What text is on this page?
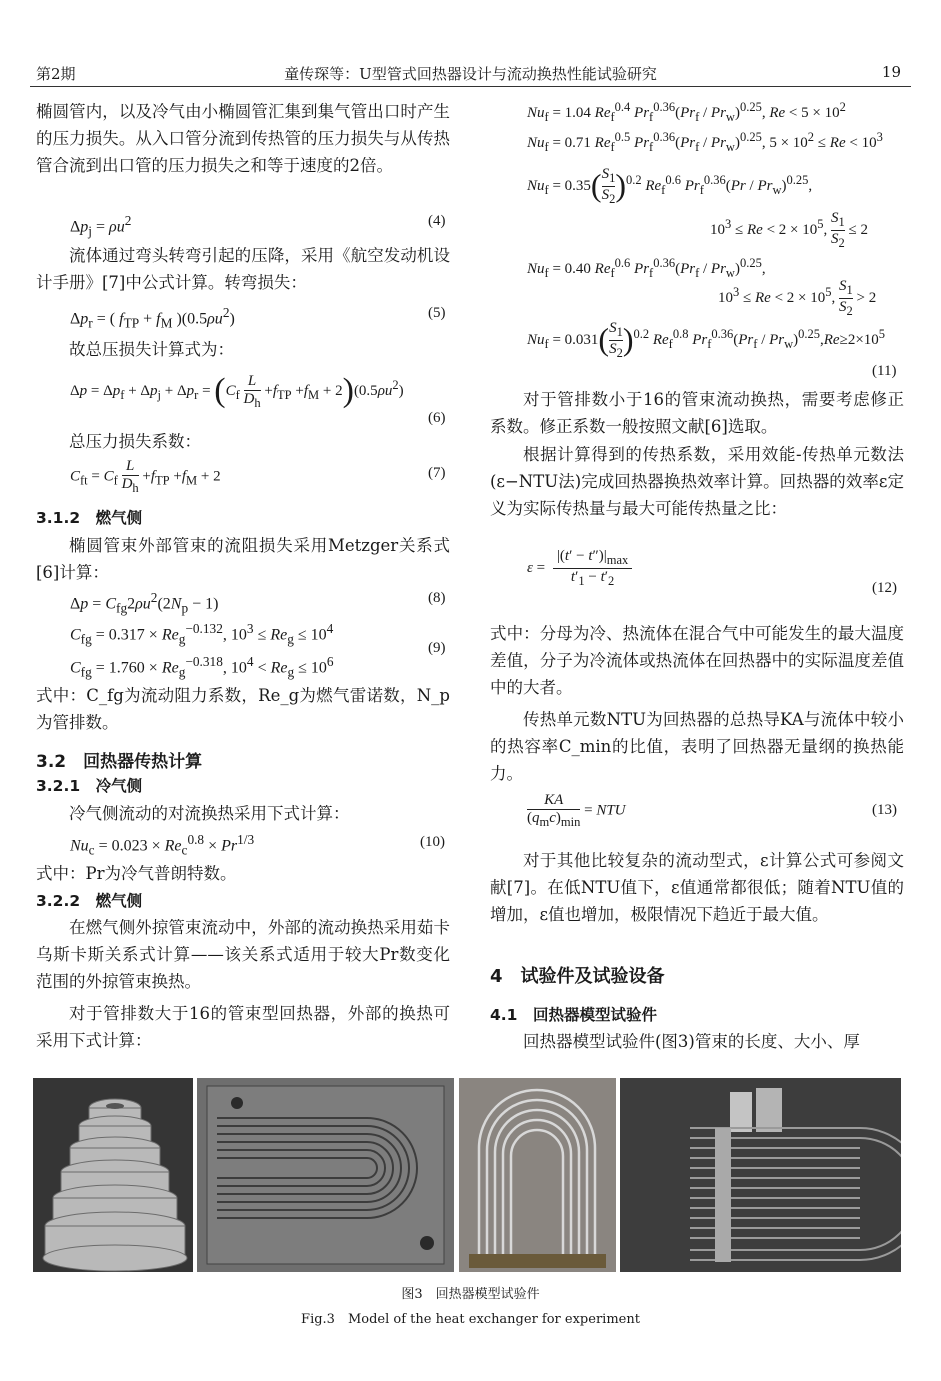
第2期	童传琛等：U型管式回热器设计与流动换热性能试验研究	19

椭圆管内，以及冷气由小椭圆管汇集到集气管出口时产生的压力损失。从入口管分流到传热管的压力损失与从传热管合流到出口管的压力损失之和等于速度的2倍。

$\Delta p_j = \rho u^2$	(4)

流体通过弯头转弯引起的压降，采用《航空发动机设计手册》[7]中公式计算。转弯损失：

$\Delta p_r$ = ( $f_{TP} + f_M$ )$(0.5\rho u^2)$	(5)

故总压损失计算式为：

$\Delta p = \Delta p_f + \Delta p_j + \Delta p_r = (C_f \frac{L}{D_h} +f_{TP} +f_M + 2)(0.5\rho u^2)$
(6)

总压力损失系数：

$C_{ft} = C_f \frac{L}{D_h} +f_{TP} +f_M + 2$	(7)
3.1.2　燃气侧

椭圆管束外部管束的流阻损失采用Metzger关系式[6]计算：

$\Delta p = C_{fg}2\rho u^2(2N_p - 1)$	(8)
$C_{fg} = 0.317 \times Re_g^{-0.132}$, $10^3 \le Re_g \le 10^4$
$C_{fg} = 1.760 \times Re_g^{-0.318}$, $10^4 < Re_g \le 10^6$
(9)

式中：C_fg为流动阻力系数，Re_g为燃气雷诺数，N_p为管排数。

3.2　回热器传热计算
3.2.1　冷气侧

冷气侧流动的对流换热采用下式计算：

$Nu_c = 0.023 \times Re_c^{0.8} \times Pr^{1/3}$	(10)

式中：Pr为冷气普朗特数。

3.2.2　燃气侧

在燃气侧外掠管束流动中，外部的流动换热采用茹卡乌斯卡斯关系式计算——该关系式适用于较大Pr数变化范围的外掠管束换热。

对于管排数大于16的管束型回热器，外部的换热可采用下式计算：

$Nu_f = 1.04$ $Re_f^{0.4}$ $Pr_f^{0.36}(Pr_f / Pr_w)^{0.25}$, $Re < 5 \times 10^2$
$Nu_f = 0.71$ $Re_f^{0.5}$ $Pr_f^{0.36}(Pr_f / Pr_w)^{0.25}$, $5 \times 10^2 \le Re < 10^3$
$Nu_f = 0.35( \frac{S_1}{S_2} )^{0.2}$ $Re_f^{0.6}$ $Pr_f^{0.36}(Pr / Pr_w)^{0.25}$,
$10^3 \le Re < 2 \times 10^5$, $\frac{S_1}{S_2} \le 2$
$Nu_f = 0.40$ $Re_f^{0.6}$ $Pr_f^{0.36}(Pr_f / Pr_w)^{0.25}$,
$10^3 \le Re < 2 \times 10^5$, $\frac{S_1}{S_2} > 2$
$Nu_f = 0.031( \frac{S_1}{S_2} )^{0.2}$ $Re_f^{0.8}$ $Pr_f^{0.36}(Pr_f / Pr_w)^{0.25},Re\ge 2\times 10^5$
(11)

对于管排数小于16的管束流动换热，需要考虑修正系数。修正系数一般按照文献[6]选取。

根据计算得到的传热系数，采用效能-传热单元数法(ε−NTU法)完成回热器换热效率计算。回热器的效率ε定义为实际传热量与最大可能传热量之比：

ε =
$|(t' - t'')|_{max}$
$t'_1 - t'_2$	(12)

式中：分母为冷、热流体在混合气中可能发生的最大温度差值，分子为冷流体或热流体在回热器中的实际温度差值中的大者。

传热单元数NTU为回热器的总热导KA与流体中较小的热容率C_min的比值，表明了回热器无量纲的换热能力。

KA
$(q_mc)_{min}$
= NTU	(13)

对于其他比较复杂的流动型式，ε计算公式可参阅文献[7]。在低NTU值下，ε值通常都很低；随着NTU值的增加，ε值也增加，极限情况下趋近于最大值。

4　试验件及试验设备
4.1　回热器模型试验件

回热器模型试验件(图3)管束的长度、大小、厚

图3　回热器模型试验件
Fig.3　Model of the heat exchanger for experiment
